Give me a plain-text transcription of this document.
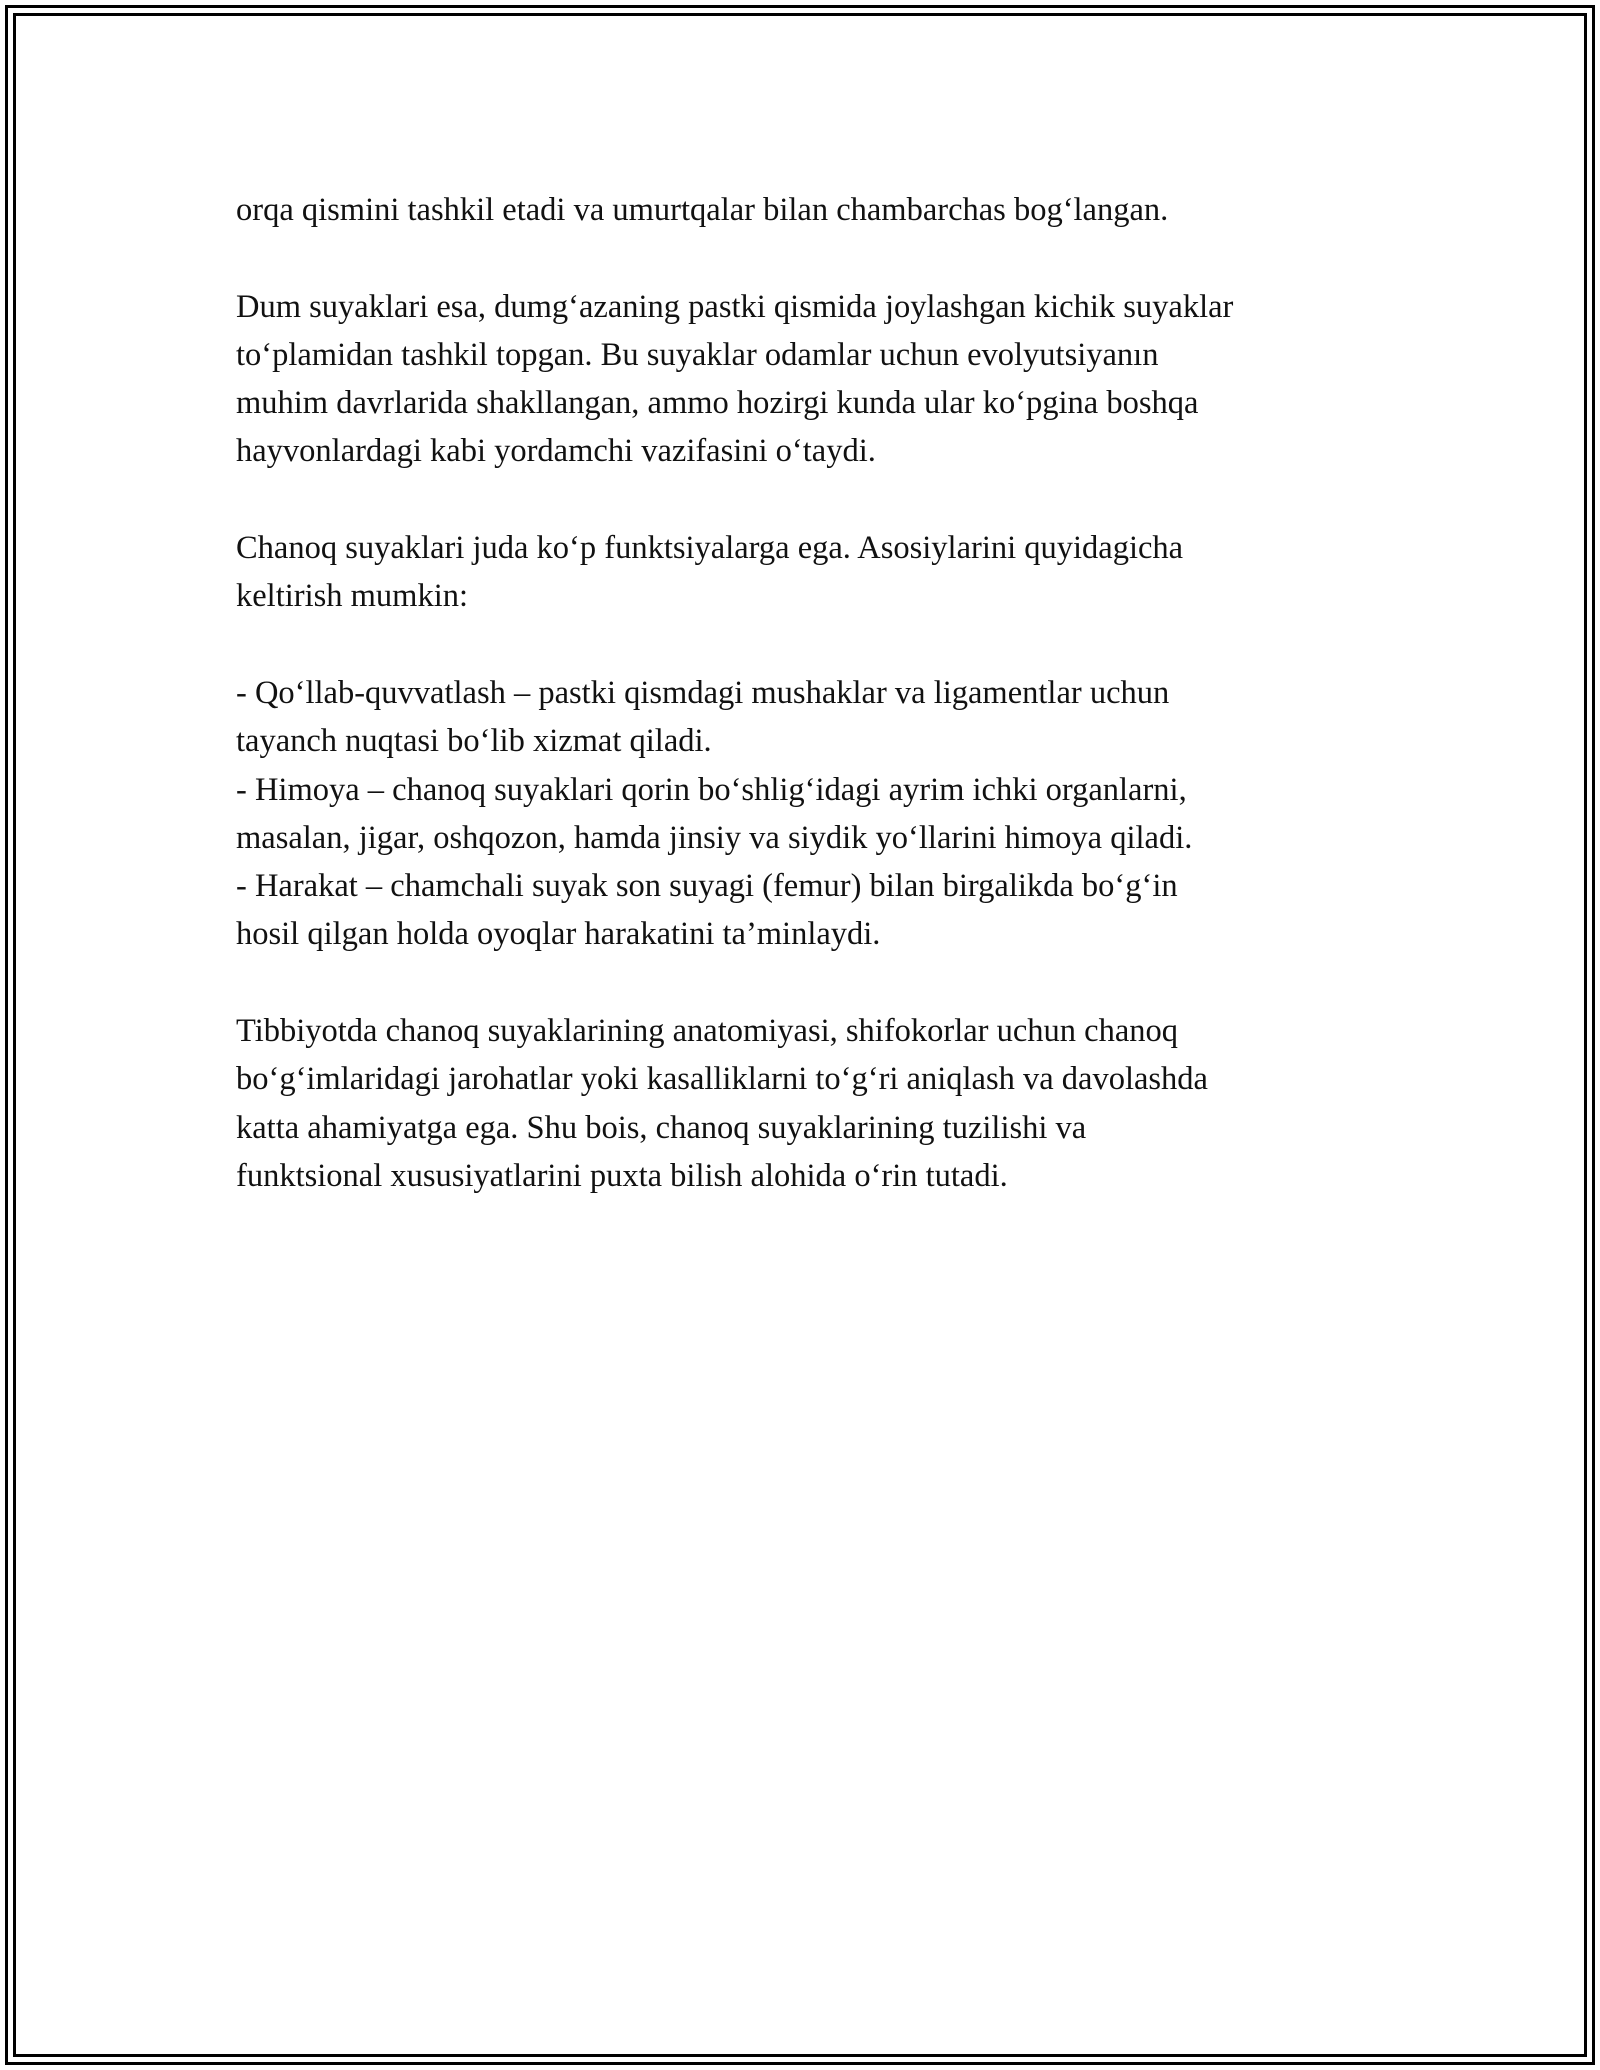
orqa qismini tashkil etadi va umurtqalar bilan chambarchas bog‘langan.

Dum suyaklari esa, dumg‘azaning pastki qismida joylashgan kichik suyaklar
to‘plamidan tashkil topgan. Bu suyaklar odamlar uchun evolyutsiyanın
muhim davrlarida shakllangan, ammo hozirgi kunda ular ko‘pgina boshqa
hayvonlardagi kabi yordamchi vazifasini o‘taydi.

Chanoq suyaklari juda ko‘p funktsiyalarga ega. Asosiylarini quyidagicha
keltirish mumkin:

- Qo‘llab-quvvatlash – pastki qismdagi mushaklar va ligamentlar uchun
tayanch nuqtasi bo‘lib xizmat qiladi.
- Himoya – chanoq suyaklari qorin bo‘shlig‘idagi ayrim ichki organlarni,
masalan, jigar, oshqozon, hamda jinsiy va siydik yo‘llarini himoya qiladi.
- Harakat – chamchali suyak son suyagi (femur) bilan birgalikda bo‘g‘in
hosil qilgan holda oyoqlar harakatini ta’minlaydi.

Tibbiyotda chanoq suyaklarining anatomiyasi, shifokorlar uchun chanoq
bo‘g‘imlaridagi jarohatlar yoki kasalliklarni to‘g‘ri aniqlash va davolashda
katta ahamiyatga ega. Shu bois, chanoq suyaklarining tuzilishi va
funktsional xususiyatlarini puxta bilish alohida o‘rin tutadi.
